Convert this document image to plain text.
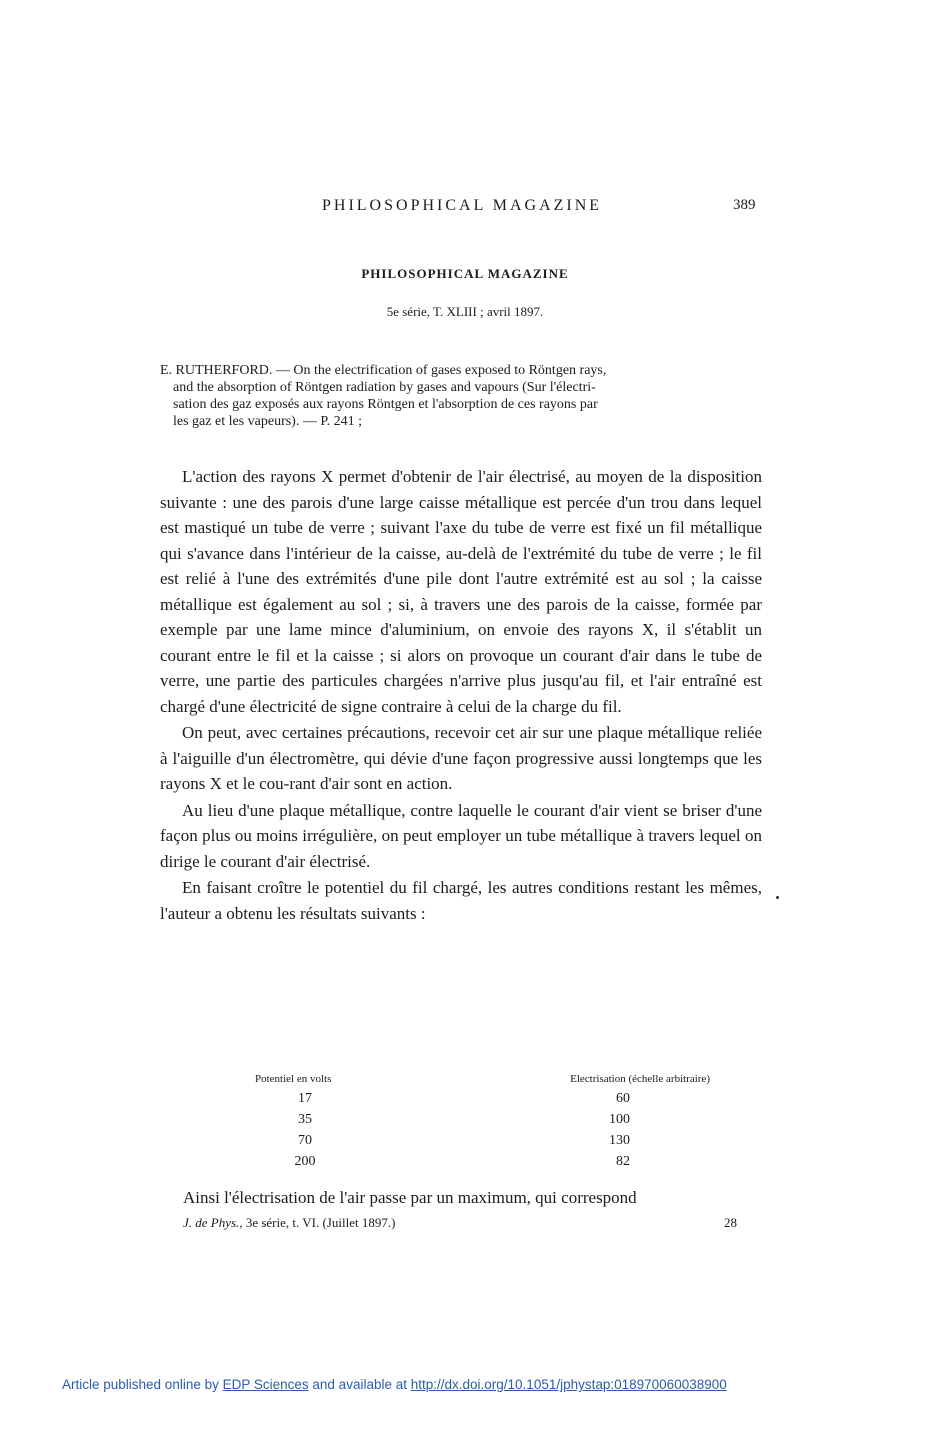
PHILOSOPHICAL MAGAZINE	389
PHILOSOPHICAL MAGAZINE
5e série, T. XLIII ; avril 1897.
E. RUTHERFORD. — On the electrification of gases exposed to Röntgen rays,
and the absorption of Röntgen radiation by gases and vapours (Sur l'électri-
sation des gaz exposés aux rayons Röntgen et l'absorption de ces rayons par
les gaz et les vapeurs). — P. 241 ;

L'action des rayons X permet d'obtenir de l'air électrisé, au moyen de la disposition suivante : une des parois d'une large caisse métallique est percée d'un trou dans lequel est mastiqué un tube de verre ; suivant l'axe du tube de verre est fixé un fil métallique qui s'avance dans l'intérieur de la caisse, au-delà de l'extrémité du tube de verre ; le fil est relié à l'une des extrémités d'une pile dont l'autre extrémité est au sol ; la caisse métallique est également au sol ; si, à travers une des parois de la caisse, formée par exemple par une lame mince d'aluminium, on envoie des rayons X, il s'établit un courant entre le fil et la caisse ; si alors on provoque un courant d'air dans le tube de verre, une partie des particules chargées n'arrive plus jusqu'au fil, et l'air entraîné est chargé d'une électricité de signe contraire à celui de la charge du fil.

On peut, avec certaines précautions, recevoir cet air sur une plaque métallique reliée à l'aiguille d'un électromètre, qui dévie d'une façon progressive aussi longtemps que les rayons X et le cou-rant d'air sont en action.

Au lieu d'une plaque métallique, contre laquelle le courant d'air vient se briser d'une façon plus ou moins irrégulière, on peut employer un tube métallique à travers lequel on dirige le courant d'air électrisé.

En faisant croître le potentiel du fil chargé, les autres conditions restant les mêmes, l'auteur a obtenu les résultats suivants :

Potentiel en volts	Electrisation (échelle arbitraire)
17	60
35	100
70	130
200	82
Ainsi l'électrisation de l'air passe par un maximum, qui correspond
J. de Phys., 3e série, t. VI. (Juillet 1897.)	28
Article published online by EDP Sciences and available at http://dx.doi.org/10.1051/jphystap:018970060038900
